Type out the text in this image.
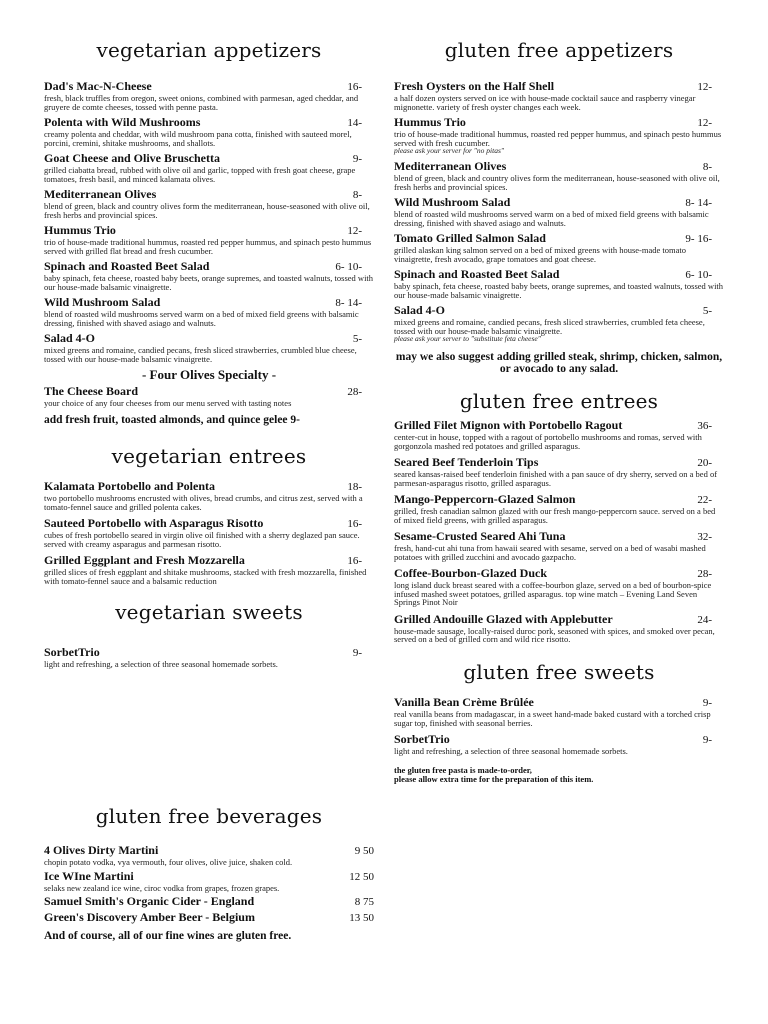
vegetarian appetizers
Dad's Mac-N-Cheese	16-
fresh, black truffles from oregon, sweet onions, combined with parmesan, aged cheddar, and gruyere de comte cheeses, tossed with penne pasta.
Polenta with Wild Mushrooms	14-
creamy polenta and cheddar, with wild mushroom pana cotta, finished with sauteed morel, porcini, cremini, shitake mushrooms, and shallots.
Goat Cheese and Olive Bruschetta	9-
grilled ciabatta bread, rubbed with olive oil and garlic, topped with fresh goat cheese, grape tomatoes, fresh basil, and minced kalamata olives.
Mediterranean Olives	8-
blend of green, black and country olives form the mediterranean, house-seasoned with olive oil, fresh herbs and provincial spices.
Hummus Trio	12-
trio of house-made traditional hummus, roasted red pepper hummus, and spinach pesto hummus served with grilled flat bread and fresh cucumber.
Spinach and Roasted Beet Salad	6- 10-
baby spinach, feta cheese, roasted baby beets, orange supremes, and toasted walnuts, tossed with our house-made balsamic vinaigrette.
Wild Mushroom Salad	8- 14-
blend of roasted wild mushrooms served warm on a bed of mixed field greens with balsamic dressing, finished with shaved asiago and walnuts.
Salad 4-O	5-
mixed greens and romaine, candied pecans, fresh sliced strawberries, crumbled blue cheese, tossed with our house-made balsamic vinaigrette.

- Four Olives Specialty -

The Cheese Board	28-
your choice of any four cheeses from our menu served with tasting notes
add fresh fruit, toasted almonds, and quince gelee 9-
vegetarian entrees
Kalamata Portobello and Polenta	18-
two portobello mushrooms encrusted with olives, bread crumbs, and citrus zest, served with a tomato-fennel sauce and grilled polenta cakes.
Sauteed Portobello with Asparagus Risotto	16-
cubes of fresh portobello seared in virgin olive oil finished with a sherry deglazed pan sauce. served with creamy asparagus and parmesan risotto.
Grilled Eggplant and Fresh Mozzarella	16-
grilled slices of fresh eggplant and shitake mushrooms, stacked with fresh mozzarella, finished with tomato-fennel sauce and a balsamic reduction
vegetarian sweets
SorbetTrio	9-
light and refreshing, a selection of three seasonal homemade sorbets.
gluten free beverages
4 Olives Dirty Martini	9 50
chopin potato vodka, vya vermouth, four olives, olive juice, shaken cold.
Ice WIne Martini	12 50
selaks new zealand ice wine, ciroc vodka from grapes, frozen grapes.
Samuel Smith's Organic Cider - England	8 75
Green's Discovery Amber Beer - Belgium	13 50
And of course, all of our fine wines are gluten free.
gluten free appetizers
Fresh Oysters on the Half Shell	12-
a half dozen oysters served on ice with house-made cocktail sauce and raspberry vinegar mignonette. variety of fresh oyster changes each week.
Hummus Trio	12-
trio of house-made traditional hummus, roasted red pepper hummus, and spinach pesto hummus served with fresh cucumber.
please ask your server for "no pitas"
Mediterranean Olives	8-
blend of green, black and country olives form the mediterranean, house-seasoned with olive oil, fresh herbs and provincial spices.
Wild Mushroom Salad	8- 14-
blend of roasted wild mushrooms served warm on a bed of mixed field greens with balsamic dressing, finished with shaved asiago and walnuts.
Tomato Grilled Salmon Salad	9- 16-
grilled alaskan king salmon served on a bed of mixed greens with house-made tomato vinaigrette, fresh avocado, grape tomatoes and goat cheese.
Spinach and Roasted Beet Salad	6- 10-
baby spinach, feta cheese, roasted baby beets, orange supremes, and toasted walnuts, tossed with our house-made balsamic vinaigrette.
Salad 4-O	5-
mixed greens and romaine, candied pecans, fresh sliced strawberries, crumbled feta cheese, tossed with our house-made balsamic vinaigrette.
please ask your server to "substitute feta cheese"
may we also suggest adding grilled steak, shrimp, chicken, salmon, or avocado to any salad.
gluten free entrees
Grilled Filet Mignon with Portobello Ragout	36-
center-cut in house, topped with a ragout of portobello mushrooms and romas, served with gorgonzola mashed red potatoes and grilled asparagus.
Seared Beef Tenderloin Tips	20-
seared kansas-raised beef tenderloin finished with a pan sauce of dry sherry, served on a bed of parmesan-asparagus risotto, grilled asparagus.
Mango-Peppercorn-Glazed Salmon	22-
grilled, fresh canadian salmon glazed with our fresh mango-peppercorn sauce. served on a bed of mixed field greens, with grilled asparagus.
Sesame-Crusted Seared Ahi Tuna	32-
fresh, hand-cut ahi tuna from hawaii seared with sesame, served on a bed of wasabi mashed potatoes with grilled zucchini and avocado gazpacho.
Coffee-Bourbon-Glazed Duck	28-
long island duck breast seared with a coffee-bourbon glaze, served on a bed of bourbon-spice infused mashed sweet potatoes, grilled asparagus. top wine match – Evening Land Seven Springs Pinot Noir
Grilled Andouille Glazed with Applebutter	24-
house-made sausage, locally-raised duroc pork, seasoned with spices, and smoked over pecan, served on a bed of grilled corn and wild rice risotto.
gluten free sweets
Vanilla Bean Crème Brûlée	9-
real vanilla beans from madagascar, in a sweet hand-made baked custard with a torched crisp sugar top, finished with seasonal berries.
SorbetTrio	9-
light and refreshing, a selection of three seasonal homemade sorbets.
the gluten free pasta is made-to-order,
please allow extra time for the preparation of this item.
